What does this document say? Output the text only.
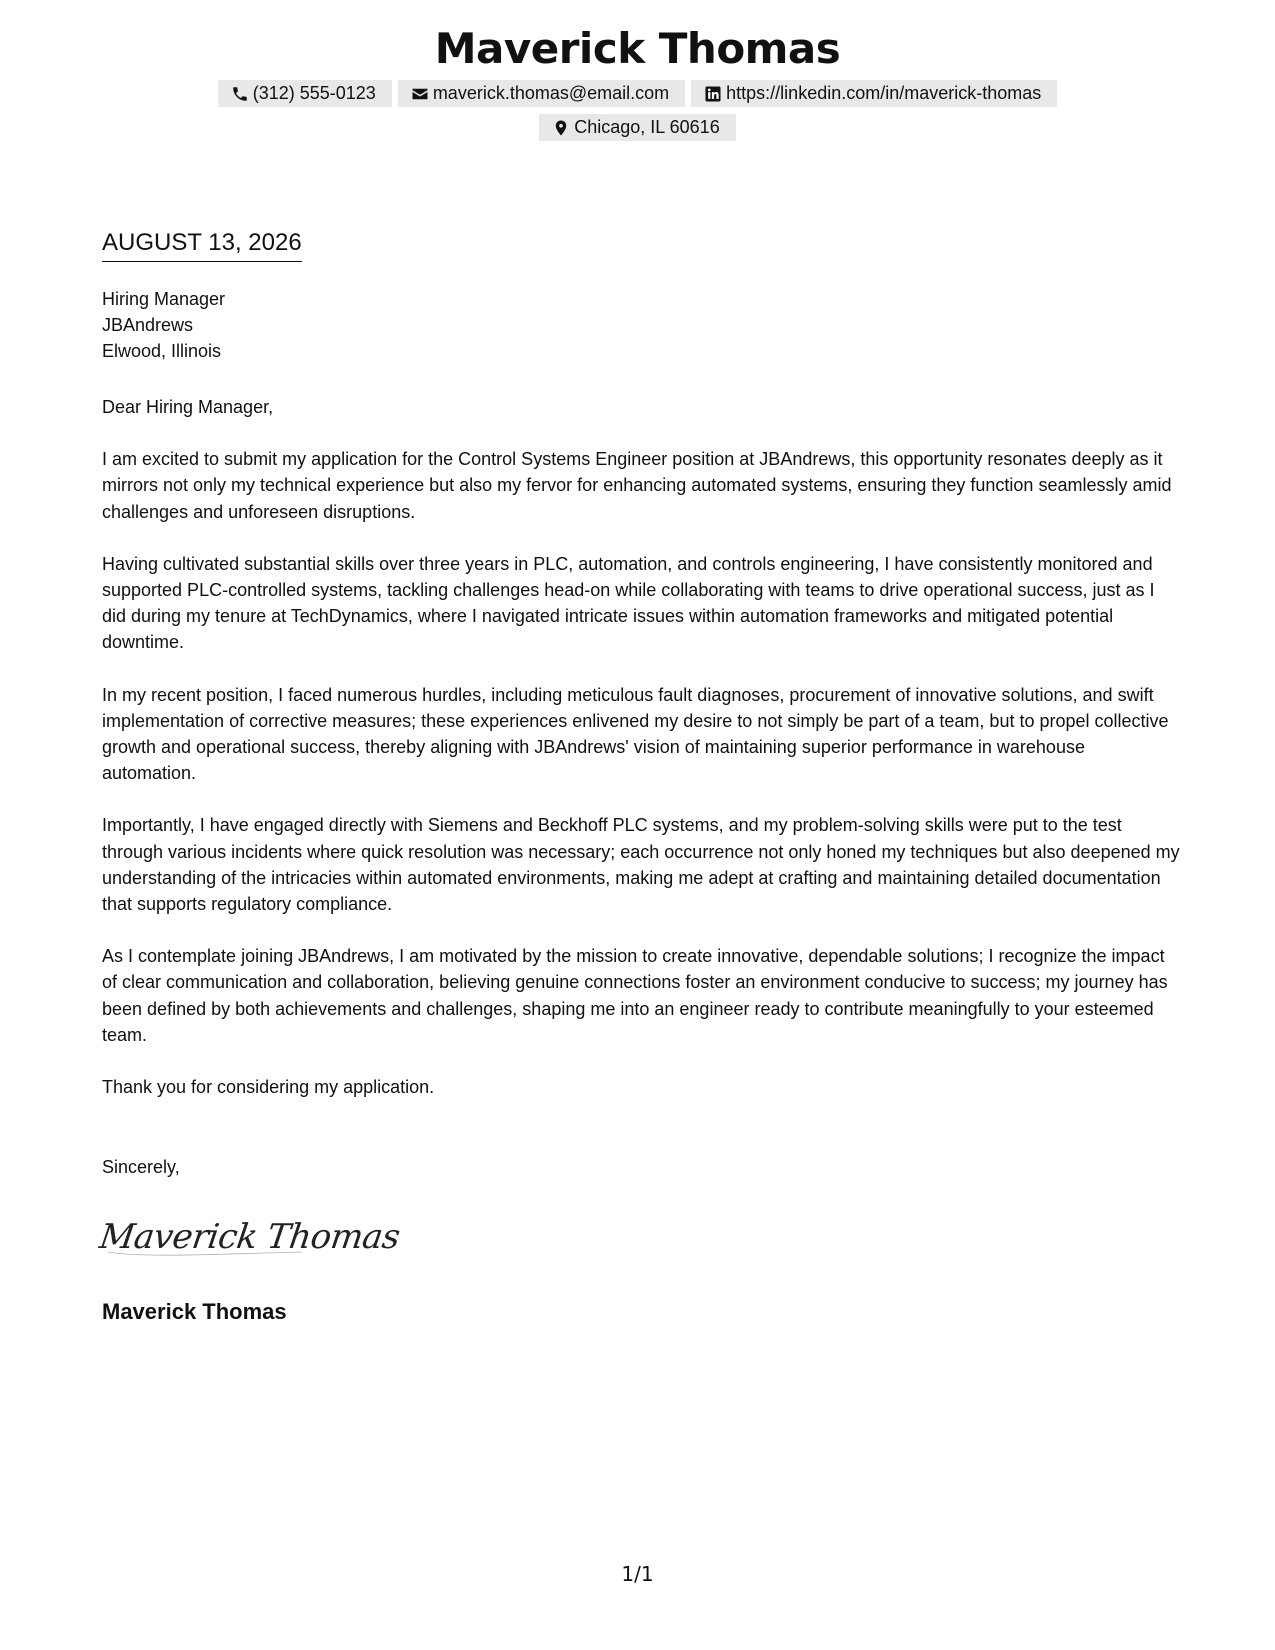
Maverick Thomas
(312) 555-0123	maverick.thomas@email.com	https://linkedin.com/in/maverick-thomas
Chicago, IL 60616
AUGUST 13, 2026
Hiring Manager
JBAndrews
Elwood, Illinois

Dear Hiring Manager,

I am excited to submit my application for the Control Systems Engineer position at JBAndrews, this opportunity resonates deeply as it mirrors not only my technical experience but also my fervor for enhancing automated systems, ensuring they function seamlessly amid challenges and unforeseen disruptions.

Having cultivated substantial skills over three years in PLC, automation, and controls engineering, I have consistently monitored and supported PLC-controlled systems, tackling challenges head-on while collaborating with teams to drive operational success, just as I did during my tenure at TechDynamics, where I navigated intricate issues within automation frameworks and mitigated potential downtime.

In my recent position, I faced numerous hurdles, including meticulous fault diagnoses, procurement of innovative solutions, and swift implementation of corrective measures; these experiences enlivened my desire to not simply be part of a team, but to propel collective growth and operational success, thereby aligning with JBAndrews' vision of maintaining superior performance in warehouse automation.

Importantly, I have engaged directly with Siemens and Beckhoff PLC systems, and my problem-solving skills were put to the test through various incidents where quick resolution was necessary; each occurrence not only honed my techniques but also deepened my understanding of the intricacies within automated environments, making me adept at crafting and maintaining detailed documentation that supports regulatory compliance.

As I contemplate joining JBAndrews, I am motivated by the mission to create innovative, dependable solutions; I recognize the impact of clear communication and collaboration, believing genuine connections foster an environment conducive to success; my journey has been defined by both achievements and challenges, shaping me into an engineer ready to contribute meaningfully to your esteemed team.

Thank you for considering my application.

Sincerely,
Maverick Thomas
Maverick Thomas
1/1
